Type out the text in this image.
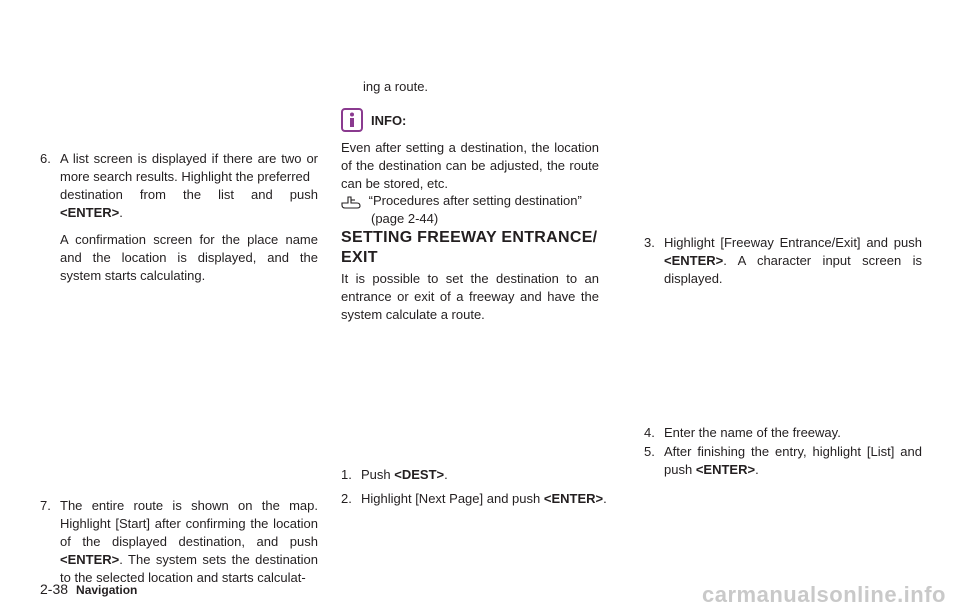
6. A list screen is displayed if there are two or more search results. Highlight the preferred
destination from the list and push
<ENTER>.
A confirmation screen for the place name and the location is displayed, and the system starts calculating.
7. The entire route is shown on the map. Highlight [Start] after confirming the location of the displayed destination, and push <ENTER>. The system sets the destination to the selected location and starts calculat-

ing a route.

INFO:

Even after setting a destination, the location of the destination can be adjusted, the route can be stored, etc.

“Procedures after setting destination”
(page 2-44)
SETTING FREEWAY ENTRANCE/
EXIT

It is possible to set the destination to an entrance or exit of a freeway and have the system calculate a route.

1. Push <DEST>.
2. Highlight [Next Page] and push <ENTER>.
3. Highlight [Freeway Entrance/Exit] and push <ENTER>. A character input screen is displayed.
4. Enter the name of the freeway.
5. After finishing the entry, highlight [List] and push <ENTER>.
2-38 Navigation	carmanualsonline.info
